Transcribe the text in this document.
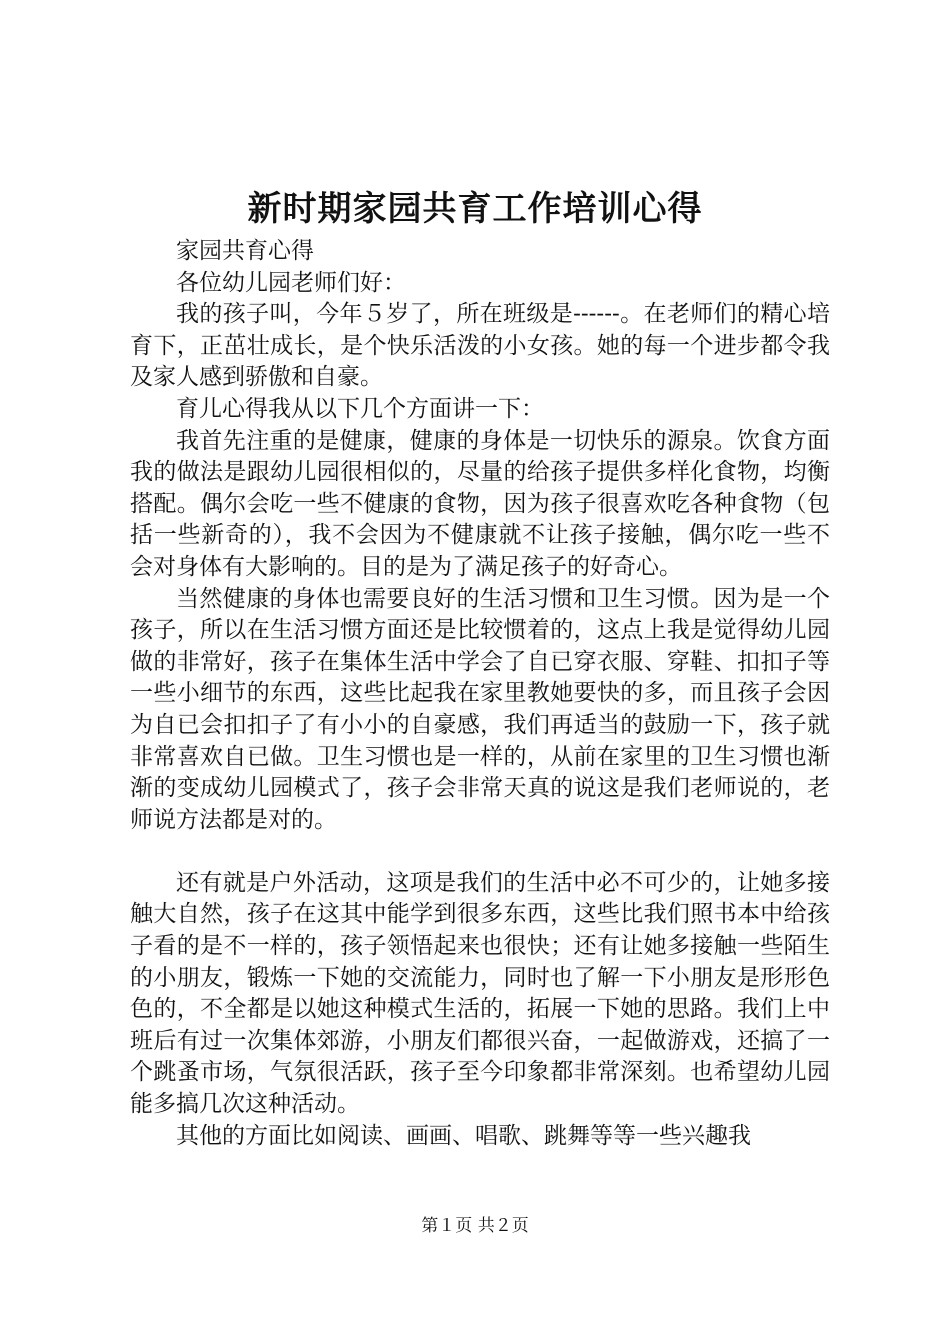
新时期家园共育工作培训心得

家园共育心得

各位幼儿园老师们好：

我的孩子叫，今年５岁了，所在班级是------。在老师们的精心培育下，正茁壮成长，是个快乐活泼的小女孩。她的每一个进步都令我及家人感到骄傲和自豪。

育儿心得我从以下几个方面讲一下：

我首先注重的是健康，健康的身体是一切快乐的源泉。饮食方面我的做法是跟幼儿园很相似的，尽量的给孩子提供多样化食物，均衡搭配。偶尔会吃一些不健康的食物，因为孩子很喜欢吃各种食物（包括一些新奇的），我不会因为不健康就不让孩子接触，偶尔吃一些不会对身体有大影响的。目的是为了满足孩子的好奇心。

当然健康的身体也需要良好的生活习惯和卫生习惯。因为是一个孩子，所以在生活习惯方面还是比较惯着的，这点上我是觉得幼儿园做的非常好，孩子在集体生活中学会了自已穿衣服、穿鞋、扣扣子等一些小细节的东西，这些比起我在家里教她要快的多，而且孩子会因为自已会扣扣子了有小小的自豪感，我们再适当的鼓励一下，孩子就非常喜欢自已做。卫生习惯也是一样的，从前在家里的卫生习惯也渐渐的变成幼儿园模式了，孩子会非常天真的说这是我们老师说的，老师说方法都是对的。

还有就是户外活动，这项是我们的生活中必不可少的，让她多接触大自然，孩子在这其中能学到很多东西，这些比我们照书本中给孩子看的是不一样的，孩子领悟起来也很快；还有让她多接触一些陌生的小朋友，锻炼一下她的交流能力，同时也了解一下小朋友是形形色色的，不全都是以她这种模式生活的，拓展一下她的思路。我们上中班后有过一次集体郊游，小朋友们都很兴奋，一起做游戏，还搞了一个跳蚤市场，气氛很活跃，孩子至今印象都非常深刻。也希望幼儿园能多搞几次这种活动。

其他的方面比如阅读、画画、唱歌、跳舞等等一些兴趣我

第１页 共２页
